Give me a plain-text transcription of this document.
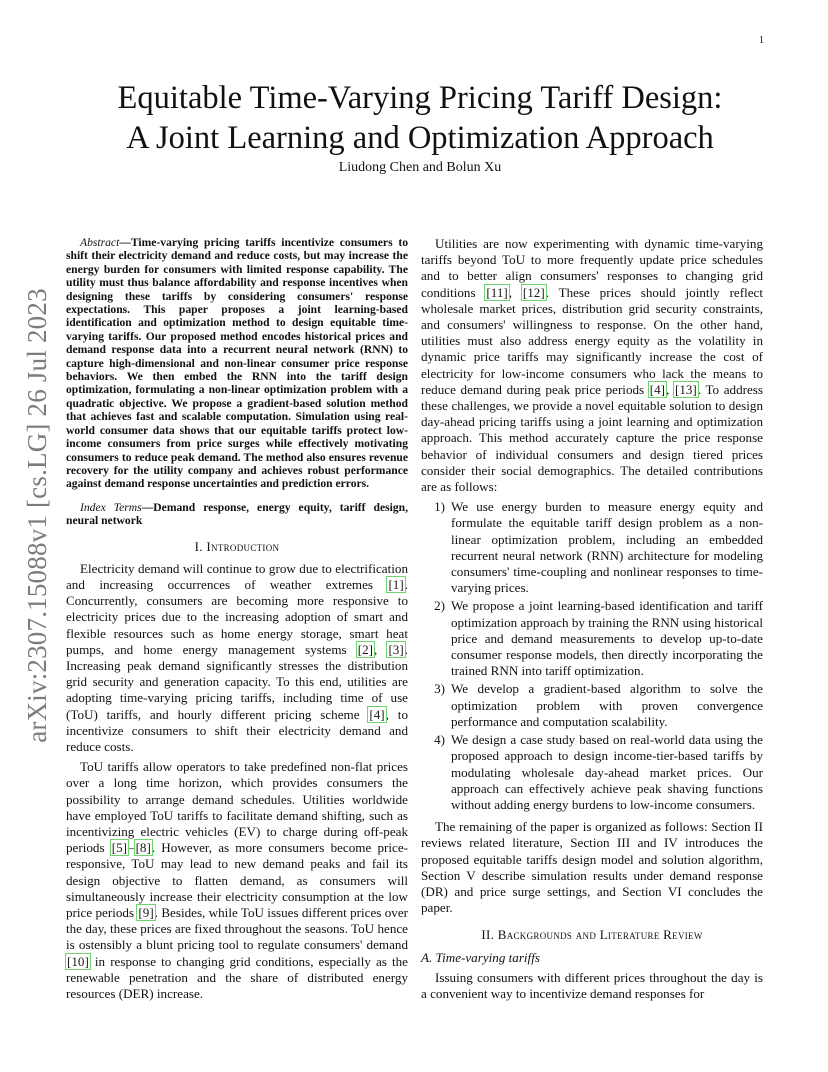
1
arXiv:2307.15088v1 [cs.LG] 26 Jul 2023
Equitable Time-Varying Pricing Tariff Design:
A Joint Learning and Optimization Approach
Liudong Chen and Bolun Xu

Abstract—Time-varying pricing tariffs incentivize consumers to shift their electricity demand and reduce costs, but may increase the energy burden for consumers with limited response capability. The utility must thus balance affordability and response incentives when designing these tariffs by considering consumers' response expectations. This paper proposes a joint learning-based identification and optimization method to design equitable time-varying tariffs. Our proposed method encodes historical prices and demand response data into a recurrent neural network (RNN) to capture high-dimensional and non-linear consumer price response behaviors. We then embed the RNN into the tariff design optimization, formulating a non-linear optimization problem with a quadratic objective. We propose a gradient-based solution method that achieves fast and scalable computation. Simulation using real-world consumer data shows that our equitable tariffs protect low-income consumers from price surges while effectively motivating consumers to reduce peak demand. The method also ensures revenue recovery for the utility company and achieves robust performance against demand response uncertainties and prediction errors.

Index Terms—Demand response, energy equity, tariff design, neural network

I. Introduction

Electricity demand will continue to grow due to electrification and increasing occurrences of weather extremes [1]. Concurrently, consumers are becoming more responsive to electricity prices due to the increasing adoption of smart and flexible resources such as home energy storage, smart heat pumps, and home energy management systems [2], [3]. Increasing peak demand significantly stresses the distribution grid security and generation capacity. To this end, utilities are adopting time-varying pricing tariffs, including time of use (ToU) tariffs, and hourly different pricing scheme [4], to incentivize consumers to shift their electricity demand and reduce costs.

ToU tariffs allow operators to take predefined non-flat prices over a long time horizon, which provides consumers the possibility to arrange demand schedules. Utilities worldwide have employed ToU tariffs to facilitate demand shifting, such as incentivizing electric vehicles (EV) to charge during off-peak periods [5]–[8]. However, as more consumers become price-responsive, ToU may lead to new demand peaks and fail its design objective to flatten demand, as consumers will simultaneously increase their electricity consumption at the low price periods [9]. Besides, while ToU issues different prices over the day, these prices are fixed throughout the seasons. ToU hence is ostensibly a blunt pricing tool to regulate consumers' demand [10] in response to changing grid conditions, especially as the renewable penetration and the share of distributed energy resources (DER) increase.

Utilities are now experimenting with dynamic time-varying tariffs beyond ToU to more frequently update price schedules and to better align consumers' responses to changing grid conditions [11], [12]. These prices should jointly reflect wholesale market prices, distribution grid security constraints, and consumers' willingness to response. On the other hand, utilities must also address energy equity as the volatility in dynamic price tariffs may significantly increase the cost of electricity for low-income consumers who lack the means to reduce demand during peak price periods [4], [13]. To address these challenges, we provide a novel equitable solution to design day-ahead pricing tariffs using a joint learning and optimization approach. This method accurately capture the price response behavior of individual consumers and design tiered prices consider their social demographics. The detailed contributions are as follows:

1) We use energy burden to measure energy equity and formulate the equitable tariff design problem as a non-linear optimization problem, including an embedded recurrent neural network (RNN) architecture for modeling consumers' time-coupling and nonlinear responses to time-varying prices.
2) We propose a joint learning-based identification and tariff optimization approach by training the RNN using historical price and demand measurements to develop up-to-date consumer response models, then directly incorporating the trained RNN into tariff optimization.
3) We develop a gradient-based algorithm to solve the optimization problem with proven convergence performance and computation scalability.
4) We design a case study based on real-world data using the proposed approach to design income-tier-based tariffs by modulating wholesale day-ahead market prices. Our approach can effectively achieve peak shaving functions without adding energy burdens to low-income consumers.

The remaining of the paper is organized as follows: Section II reviews related literature, Section III and IV introduces the proposed equitable tariffs design model and solution algorithm, Section V describe simulation results under demand response (DR) and price surge settings, and Section VI concludes the paper.

II. Backgrounds and Literature Review
A. Time-varying tariffs

Issuing consumers with different prices throughout the day is a convenient way to incentivize demand responses for
